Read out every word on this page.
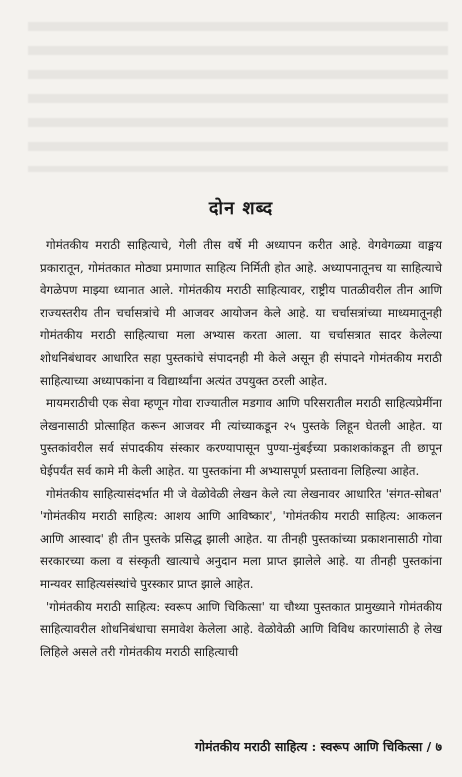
दोन शब्द

गोमंतकीय मराठी साहित्याचे, गेली तीस वर्षे मी अध्यापन करीत आहे. वेगवेगळ्या वाङ्मय प्रकारातून, गोमंतकात मोठ्या प्रमाणात साहित्य निर्मिती होत आहे. अध्यापनातूनच या साहित्याचे वेगळेपण माझ्या ध्यानात आले. गोमंतकीय मराठी साहित्यावर, राष्ट्रीय पातळीवरील तीन आणि राज्यस्तरीय तीन चर्चासत्रांचे मी आजवर आयोजन केले आहे. या चर्चासत्रांच्या माध्यमातूनही गोमंतकीय मराठी साहित्याचा मला अभ्यास करता आला. या चर्चासत्रात सादर केलेल्या शोधनिबंधावर आधारित सहा पुस्तकांचे संपादनही मी केले असून ही संपादने गोमंतकीय मराठी साहित्याच्या अध्यापकांना व विद्यार्थ्यांना अत्यंत उपयुक्त ठरली आहेत.

मायमराठीची एक सेवा म्हणून गोवा राज्यातील मडगाव आणि परिसरातील मराठी साहित्यप्रेमींना लेखनासाठी प्रोत्साहित करून आजवर मी त्यांच्याकडून २५ पुस्तके लिहून घेतली आहेत. या पुस्तकांवरील सर्व संपादकीय संस्कार करण्यापासून पुण्या-मुंबईच्या प्रकाशकांकडून ती छापून घेईपर्यंत सर्व कामे मी केली आहेत. या पुस्तकांना मी अभ्यासपूर्ण प्रस्तावना लिहिल्या आहेत.

गोमंतकीय साहित्यासंदर्भात मी जे वेळोवेळी लेखन केले त्या लेखनावर आधारित 'संगत-सोबत' 'गोमंतकीय मराठी साहित्य: आशय आणि आविष्कार', 'गोमंतकीय मराठी साहित्य: आकलन आणि आस्वाद' ही तीन पुस्तके प्रसिद्ध झाली आहेत. या तीनही पुस्तकांच्या प्रकाशनासाठी गोवा सरकारच्या कला व संस्कृती खात्याचे अनुदान मला प्राप्त झालेले आहे. या तीनही पुस्तकांना मान्यवर साहित्यसंस्थांचे पुरस्कार प्राप्त झाले आहेत.

'गोमंतकीय मराठी साहित्य: स्वरूप आणि चिकित्सा' या चौथ्या पुस्तकात प्रामुख्याने गोमंतकीय साहित्यावरील शोधनिबंधाचा समावेश केलेला आहे. वेळोवेळी आणि विविध कारणांसाठी हे लेख लिहिले असले तरी गोमंतकीय मराठी साहित्याची

गोमंतकीय मराठी साहित्य : स्वरूप आणि चिकित्सा / ७
